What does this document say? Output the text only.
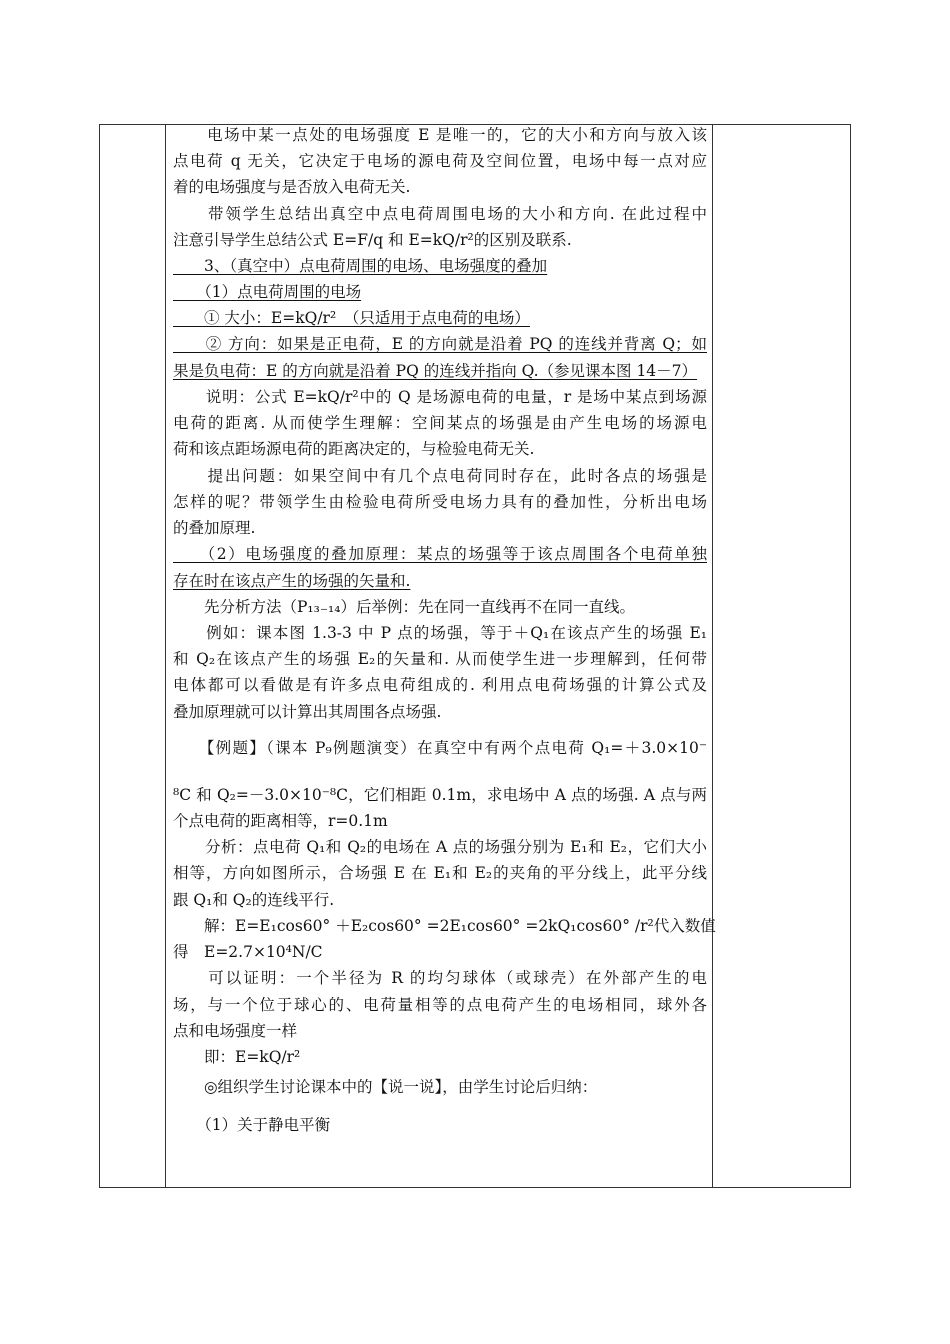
　　电场中某一点处的电场强度 E 是唯一的，它的大小和方向与放入该
点电荷 q 无关，它决定于电场的源电荷及空间位置，电场中每一点对应
着的电场强度与是否放入电荷无关.
　　带领学生总结出真空中点电荷周围电场的大小和方向. 在此过程中
注意引导学生总结公式 E=F/q 和 E=kQ/r²的区别及联系.
　　3、（真空中）点电荷周围的电场、电场强度的叠加
　　（1）点电荷周围的电场
　　① 大小：E=kQ/r²　（只适用于点电荷的电场）
　　② 方向：如果是正电荷，E 的方向就是沿着 PQ 的连线并背离 Q；如
果是负电荷：E 的方向就是沿着 PQ 的连线并指向 Q.（参见课本图 14－7）
　　说明：公式 E=kQ/r²中的 Q 是场源电荷的电量，r 是场中某点到场源
电荷的距离. 从而使学生理解：空间某点的场强是由产生电场的场源电
荷和该点距场源电荷的距离决定的，与检验电荷无关.
　　提出问题：如果空间中有几个点电荷同时存在，此时各点的场强是
怎样的呢？带领学生由检验电荷所受电场力具有的叠加性，分析出电场
的叠加原理.
　　（2）电场强度的叠加原理：某点的场强等于该点周围各个电荷单独
存在时在该点产生的场强的矢量和.
　　先分析方法（P₁₃₋₁₄）后举例：先在同一直线再不在同一直线。
　　例如：课本图 1.3-3 中 P 点的场强，等于＋Q₁在该点产生的场强 E₁
和 Q₂在该点产生的场强 E₂的矢量和. 从而使学生进一步理解到，任何带
电体都可以看做是有许多点电荷组成的. 利用点电荷场强的计算公式及
叠加原理就可以计算出其周围各点场强.
　　【例题】（课本 P₉例题演变）在真空中有两个点电荷 Q₁=＋3.0×10⁻
⁸C 和 Q₂=－3.0×10⁻⁸C，它们相距 0.1m，求电场中 A 点的场强. A 点与两
个点电荷的距离相等，r=0.1m
　　分析：点电荷 Q₁和 Q₂的电场在 A 点的场强分别为 E₁和 E₂，它们大小
相等，方向如图所示，合场强 E 在 E₁和 E₂的夹角的平分线上，此平分线
跟 Q₁和 Q₂的连线平行.
　　解：E=E₁cos60° ＋E₂cos60° =2E₁cos60° =2kQ₁cos60° /r²代入数值
得　E=2.7×10⁴N/C
　　可以证明：一个半径为 R 的均匀球体（或球壳）在外部产生的电
场，与一个位于球心的、电荷量相等的点电荷产生的电场相同，球外各
点和电场强度一样
　　即：E=kQ/r²
　　◎组织学生讨论课本中的【说一说】，由学生讨论后归纳：
　　（1）关于静电平衡
